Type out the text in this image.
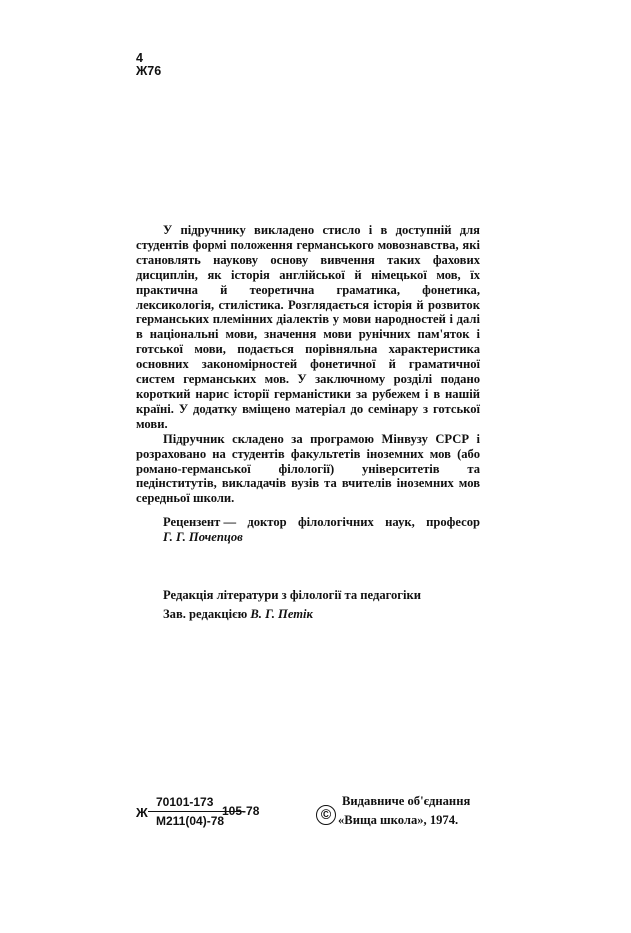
4
Ж76

У підручнику викладено стисло і в доступній для студентів формі положення германського мовознавства, які становлять наукову основу вивчення таких фахових дисциплін, як історія англійської й німецької мов, їх практична й теоретична граматика, фонетика, лексикологія, стилістика. Розглядається історія й розвиток германських племінних діалектів у мови народностей і далі в національні мови, значення мови рунічних пам'яток і готської мови, подається порівняльна характеристика основних закономірностей фонетичної й граматичної систем германських мов. У заключному розділі подано короткий нарис історії германістики за рубежем і в нашій країні. У додатку вміщено матеріал до семінару з готської мови.

Підручник складено за програмою Мінвузу СРСР і розраховано на студентів факультетів іноземних мов (або романо-германської філології) університетів та педінститутів, викладачів вузів та вчителів іноземних мов середньої школи.

Рецензент — доктор філологічних наук, професор
Г. Г. Почепцов
Редакція літератури з філології та педагогіки
Зав. редакцією В. Г. Петік
Ж
70101-173
М211(04)-78
105-78	©
Видавниче об'єднання
«Вища школа», 1974.
